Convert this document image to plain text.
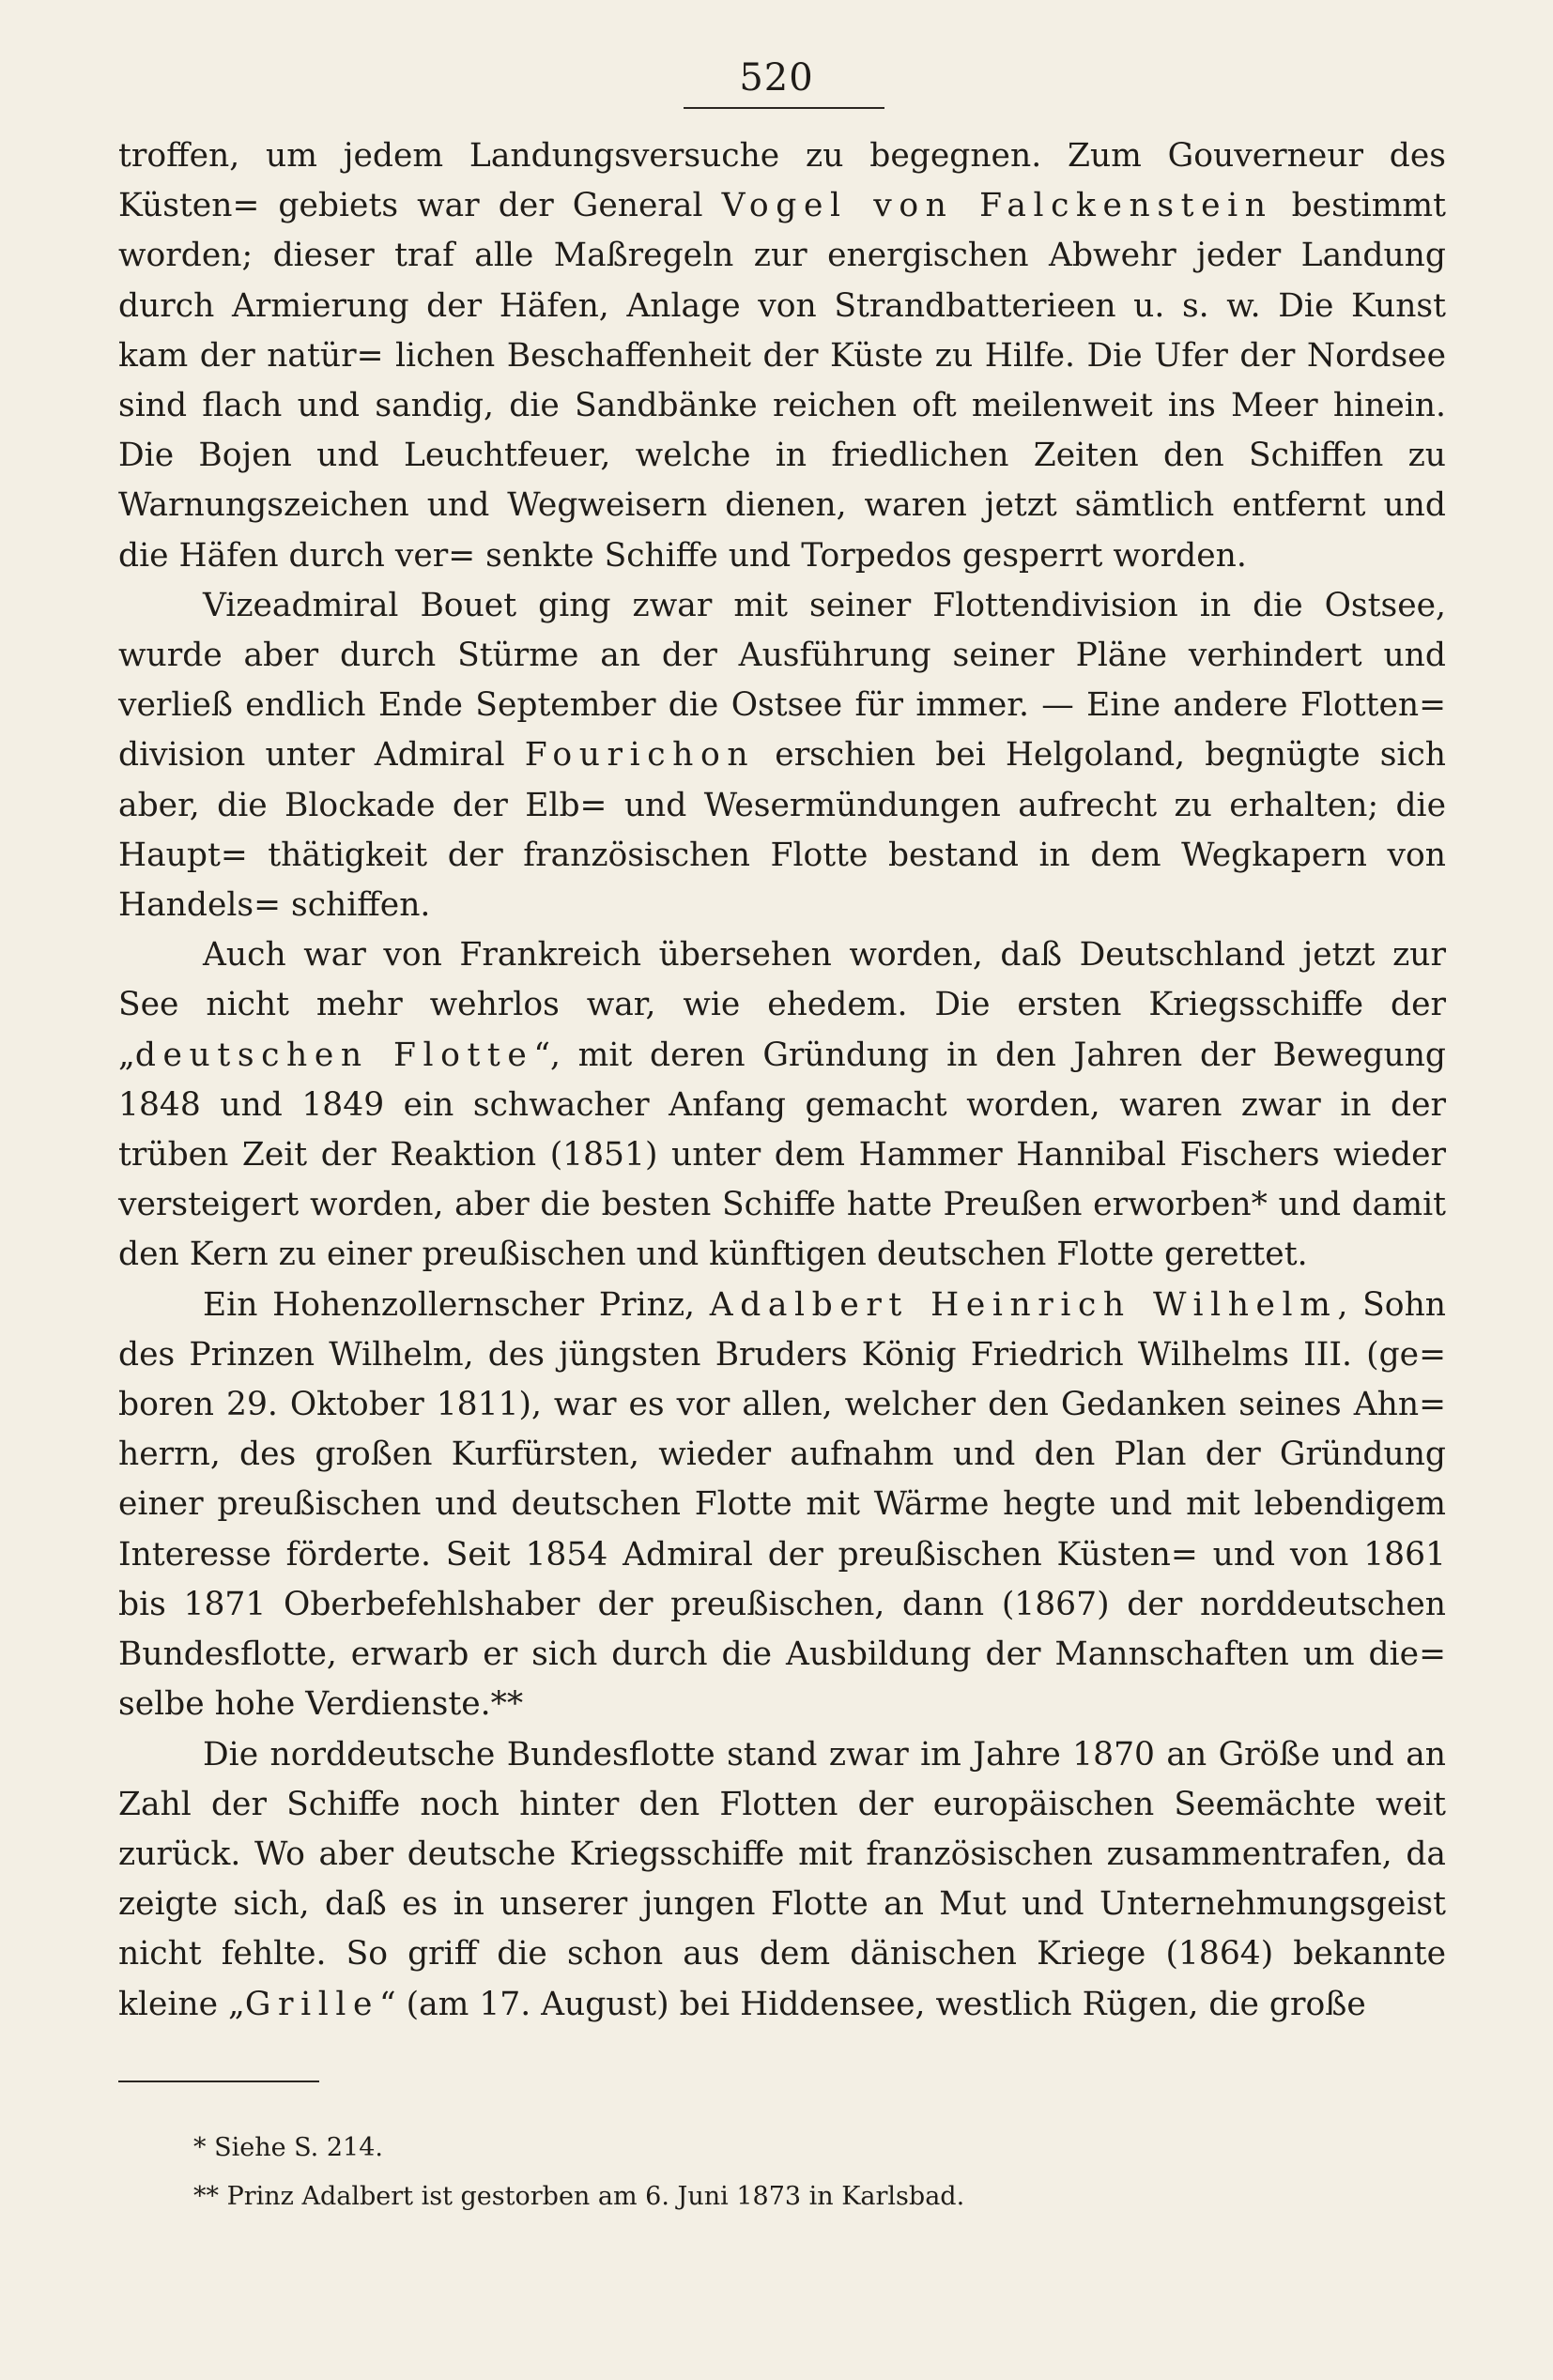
520

troffen, um jedem Landungsversuche zu begegnen. Zum Gouverneur des Küsten= gebiets war der General Vogel von Falckenstein bestimmt worden; dieser traf alle Maßregeln zur energischen Abwehr jeder Landung durch Armierung der Häfen, Anlage von Strandbatterieen u. s. w. Die Kunst kam der natür= lichen Beschaffenheit der Küste zu Hilfe. Die Ufer der Nordsee sind flach und sandig, die Sandbänke reichen oft meilenweit ins Meer hinein. Die Bojen und Leuchtfeuer, welche in friedlichen Zeiten den Schiffen zu Warnungszeichen und Wegweisern dienen, waren jetzt sämtlich entfernt und die Häfen durch ver= senkte Schiffe und Torpedos gesperrt worden.

Vizeadmiral Bouet ging zwar mit seiner Flottendivision in die Ostsee, wurde aber durch Stürme an der Ausführung seiner Pläne verhindert und verließ endlich Ende September die Ostsee für immer. — Eine andere Flotten= division unter Admiral Fourichon erschien bei Helgoland, begnügte sich aber, die Blockade der Elb= und Wesermündungen aufrecht zu erhalten; die Haupt= thätigkeit der französischen Flotte bestand in dem Wegkapern von Handels= schiffen.

Auch war von Frankreich übersehen worden, daß Deutschland jetzt zur See nicht mehr wehrlos war, wie ehedem. Die ersten Kriegsschiffe der „deutschen Flotte“, mit deren Gründung in den Jahren der Bewegung 1848 und 1849 ein schwacher Anfang gemacht worden, waren zwar in der trüben Zeit der Reaktion (1851) unter dem Hammer Hannibal Fischers wieder versteigert worden, aber die besten Schiffe hatte Preußen erworben* und damit den Kern zu einer preußischen und künftigen deutschen Flotte gerettet.

Ein Hohenzollernscher Prinz, Adalbert Heinrich Wilhelm, Sohn des Prinzen Wilhelm, des jüngsten Bruders König Friedrich Wilhelms III. (ge= boren 29. Oktober 1811), war es vor allen, welcher den Gedanken seines Ahn= herrn, des großen Kurfürsten, wieder aufnahm und den Plan der Gründung einer preußischen und deutschen Flotte mit Wärme hegte und mit lebendigem Interesse förderte. Seit 1854 Admiral der preußischen Küsten= und von 1861 bis 1871 Oberbefehlshaber der preußischen, dann (1867) der norddeutschen Bundesflotte, erwarb er sich durch die Ausbildung der Mannschaften um die= selbe hohe Verdienste.**

Die norddeutsche Bundesflotte stand zwar im Jahre 1870 an Größe und an Zahl der Schiffe noch hinter den Flotten der europäischen Seemächte weit zurück. Wo aber deutsche Kriegsschiffe mit französischen zusammentrafen, da zeigte sich, daß es in unserer jungen Flotte an Mut und Unternehmungsgeist nicht fehlte. So griff die schon aus dem dänischen Kriege (1864) bekannte kleine „Grille“ (am 17. August) bei Hiddensee, westlich Rügen, die große

* Siehe S. 214.
** Prinz Adalbert ist gestorben am 6. Juni 1873 in Karlsbad.
